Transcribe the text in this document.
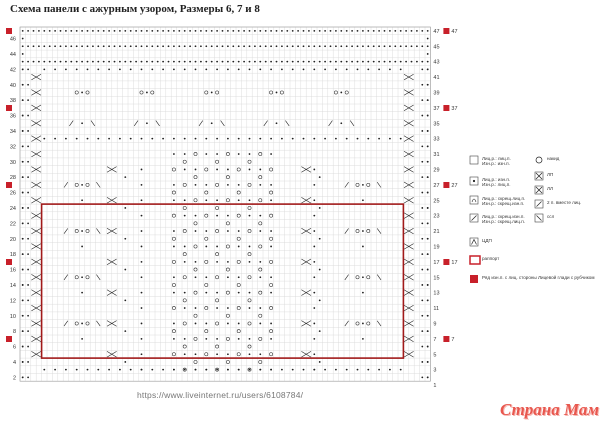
Схема панели с ажурным узором, Размеры 6, 7 и 8
46
44
42
40
38
36
34
32
30
28
26
24
22
20
18
16
14
12
10
8
6
4
2
47
45
43
41
39
37
35
33
31
29
27
25
23
21
19
17
15
13
11
9
7
5
3
1
47
37
27
17
7
Лиц.р.: лиц.п.
Изн.р.: изн.п.
накид
Лиц.р.: изн.п.
Изн.р.: лиц.п.
ЛП
Лиц.р.: скрещ.лиц.п.
Изн.р.: скрещ.изн.п.
ЛЛ
Лиц.р.: скрещ.изн.п.
Изн.р.: скрещ.лиц.п.
2 п. вместе лиц.
ссл
ЦДП
раппорт
Ряд изн.п. с лиц. стороны Лицевой глади с рубчиком
https://www.liveinternet.ru/users/6108784/
Страна Мам
